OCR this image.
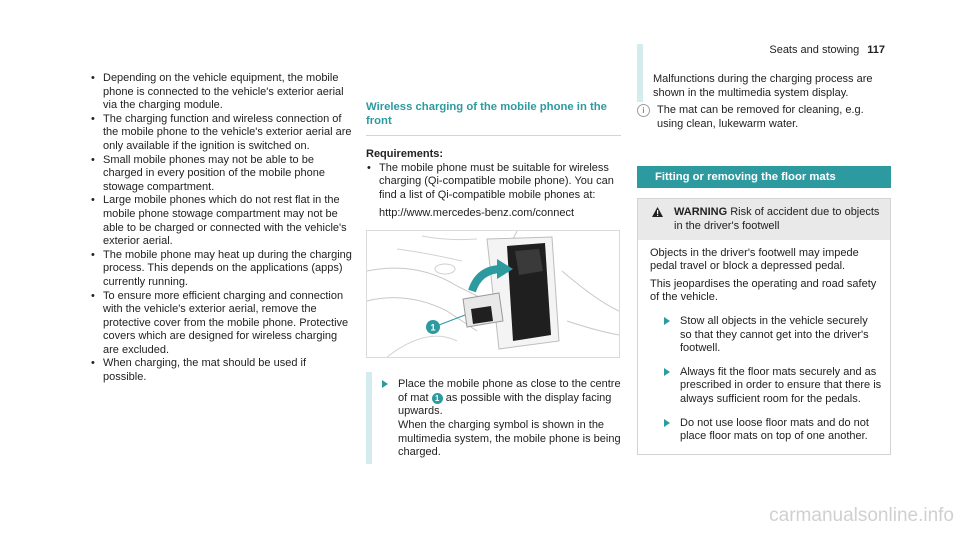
Seats and stowing 117
• Depending on the vehicle equipment, the mobile phone is connected to the vehicle's exterior aerial via the charging module.
• The charging function and wireless connection of the mobile phone to the vehicle's exterior aerial are only available if the ignition is switched on.
• Small mobile phones may not be able to be charged in every position of the mobile phone stowage compartment.
• Large mobile phones which do not rest flat in the mobile phone stowage compartment may not be able to be charged or connected with the vehicle's exterior aerial.
• The mobile phone may heat up during the charging process. This depends on the applications (apps) currently running.
• To ensure more efficient charging and connection with the vehicle's exterior aerial, remove the protective cover from the mobile phone. Protective covers which are designed for wireless charging are excluded.
• When charging, the mat should be used if possible.
Wireless charging of the mobile phone in the front
Requirements:
• The mobile phone must be suitable for wireless charging (Qi-compatible mobile phone). You can find a list of Qi-compatible mobile phones at:
http://www.mercedes-benz.com/connect
1
Place the mobile phone as close to the centre of mat 1 as possible with the display facing upwards.
When the charging symbol is shown in the multimedia system, the mobile phone is being charged.
Malfunctions during the charging process are shown in the multimedia system display.
i	The mat can be removed for cleaning, e.g. using clean, lukewarm water.
Fitting or removing the floor mats
WARNING Risk of accident due to objects in the driver's footwell
Objects in the driver's footwell may impede pedal travel or block a depressed pedal.
This jeopardises the operating and road safety of the vehicle.
Stow all objects in the vehicle securely so that they cannot get into the driver's footwell.
Always fit the floor mats securely and as prescribed in order to ensure that there is always sufficient room for the pedals.
Do not use loose floor mats and do not place floor mats on top of one another.
carmanualsonline.info
